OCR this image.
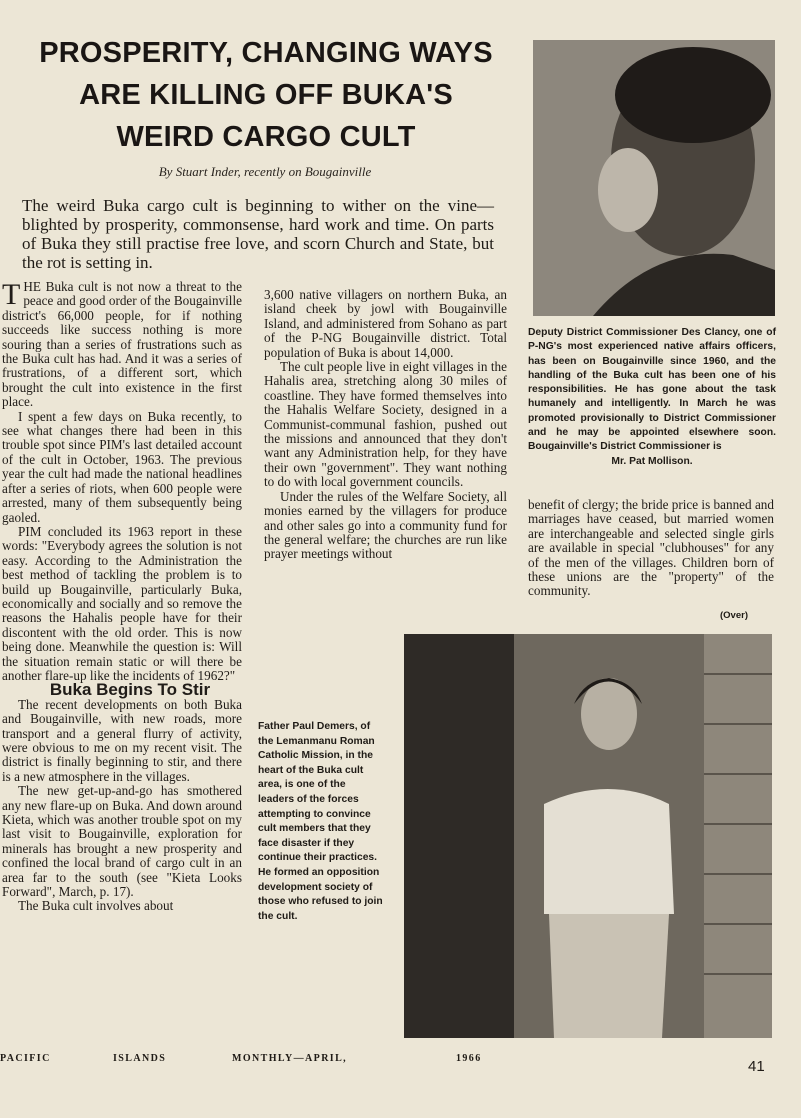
PROSPERITY, CHANGING WAYS
ARE KILLING OFF BUKA'S
WEIRD CARGO CULT
By Stuart Inder, recently on Bougainville
The weird Buka cargo cult is beginning to wither on the vine—blighted by prosperity, commonsense, hard work and time. On parts of Buka they still practise free love, and scorn Church and State, but the rot is setting in.

THE Buka cult is not now a threat to the peace and good order of the Bougainville district's 66,000 people, for if nothing succeeds like success nothing is more souring than a series of frustrations such as the Buka cult has had. And it was a series of frustrations, of a different sort, which brought the cult into existence in the first place.

I spent a few days on Buka recently, to see what changes there had been in this trouble spot since PIM's last detailed account of the cult in October, 1963. The previous year the cult had made the national headlines after a series of riots, when 600 people were arrested, many of them subsequently being gaoled.

PIM concluded its 1963 report in these words: "Everybody agrees the solution is not easy. According to the Administration the best method of tackling the problem is to build up Bougainville, particularly Buka, economically and socially and so remove the reasons the Hahalis people have for their discontent with the old order. This is now being done. Meanwhile the question is: Will the situation remain static or will there be another flare-up like the incidents of 1962?"

Buka Begins To Stir

The recent developments on both Buka and Bougainville, with new roads, more transport and a general flurry of activity, were obvious to me on my recent visit. The district is finally beginning to stir, and there is a new atmosphere in the villages.

The new get-up-and-go has smothered any new flare-up on Buka. And down around Kieta, which was another trouble spot on my last visit to Bougainville, exploration for minerals has brought a new prosperity and confined the local brand of cargo cult in an area far to the south (see "Kieta Looks Forward", March, p. 17).

The Buka cult involves about

3,600 native villagers on northern Buka, an island cheek by jowl with Bougainville Island, and administered from Sohano as part of the P-NG Bougainville district. Total population of Buka is about 14,000.

The cult people live in eight villages in the Hahalis area, stretching along 30 miles of coastline. They have formed themselves into the Hahalis Welfare Society, designed in a Communist-communal fashion, pushed out the missions and announced that they don't want any Administration help, for they have their own "government". They want nothing to do with local government councils.

Under the rules of the Welfare Society, all monies earned by the villagers for produce and other sales go into a community fund for the general welfare; the churches are run like prayer meetings without

Deputy District Commissioner Des Clancy, one of P-NG's most experienced native affairs officers, has been on Bougainville since 1960, and the handling of the Buka cult has been one of his responsibilities. He has gone about the task humanely and intelligently. In March he was promoted provisionally to District Commissioner and he may be appointed elsewhere soon. Bougainville's District Commissioner is
Mr. Pat Mollison.

benefit of clergy; the bride price is banned and marriages have ceased, but married women are interchangeable and selected single girls are available in special "clubhouses" for any of the men of the villages. Children born of these unions are the "property" of the community.

(Over)
Father Paul Demers, of the Lemanmanu Roman Catholic Mission, in the heart of the Buka cult area, is one of the leaders of the forces attempting to convince cult members that they face disaster if they continue their practices. He formed an opposition development society of those who refused to join the cult.
PACIFIC	ISLANDS	MONTHLY—APRIL,	1966	41
